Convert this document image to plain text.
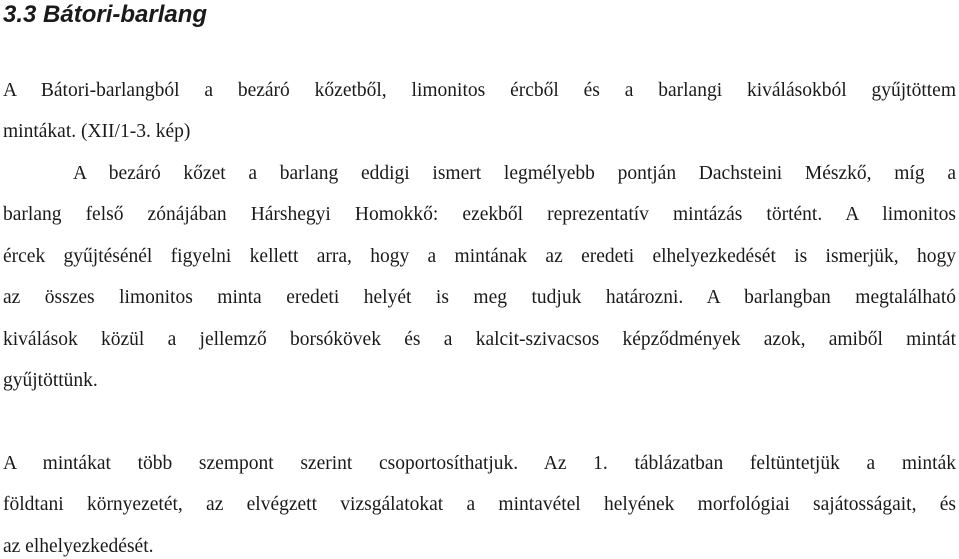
3.3 Bátori-barlang
A Bátori-barlangból a bezáró kőzetből, limonitos ércből és a barlangi kiválásokból gyűjtöttem
mintákat. (XII/1-3. kép)
A bezáró kőzet a barlang eddigi ismert legmélyebb pontján Dachsteini Mészkő, míg a
barlang felső zónájában Hárshegyi Homokkő: ezekből reprezentatív mintázás történt. A limonitos
ércek gyűjtésénél figyelni kellett arra, hogy a mintának az eredeti elhelyezkedését is ismerjük, hogy
az összes limonitos minta eredeti helyét is meg tudjuk határozni. A barlangban megtalálható
kiválások közül a jellemző borsókövek és a kalcit-szivacsos képződmények azok, amiből mintát
gyűjtöttünk.
A mintákat több szempont szerint csoportosíthatjuk. Az 1. táblázatban feltüntetjük a minták
földtani környezetét, az elvégzett vizsgálatokat a mintavétel helyének morfológiai sajátosságait, és
az elhelyezkedését.
